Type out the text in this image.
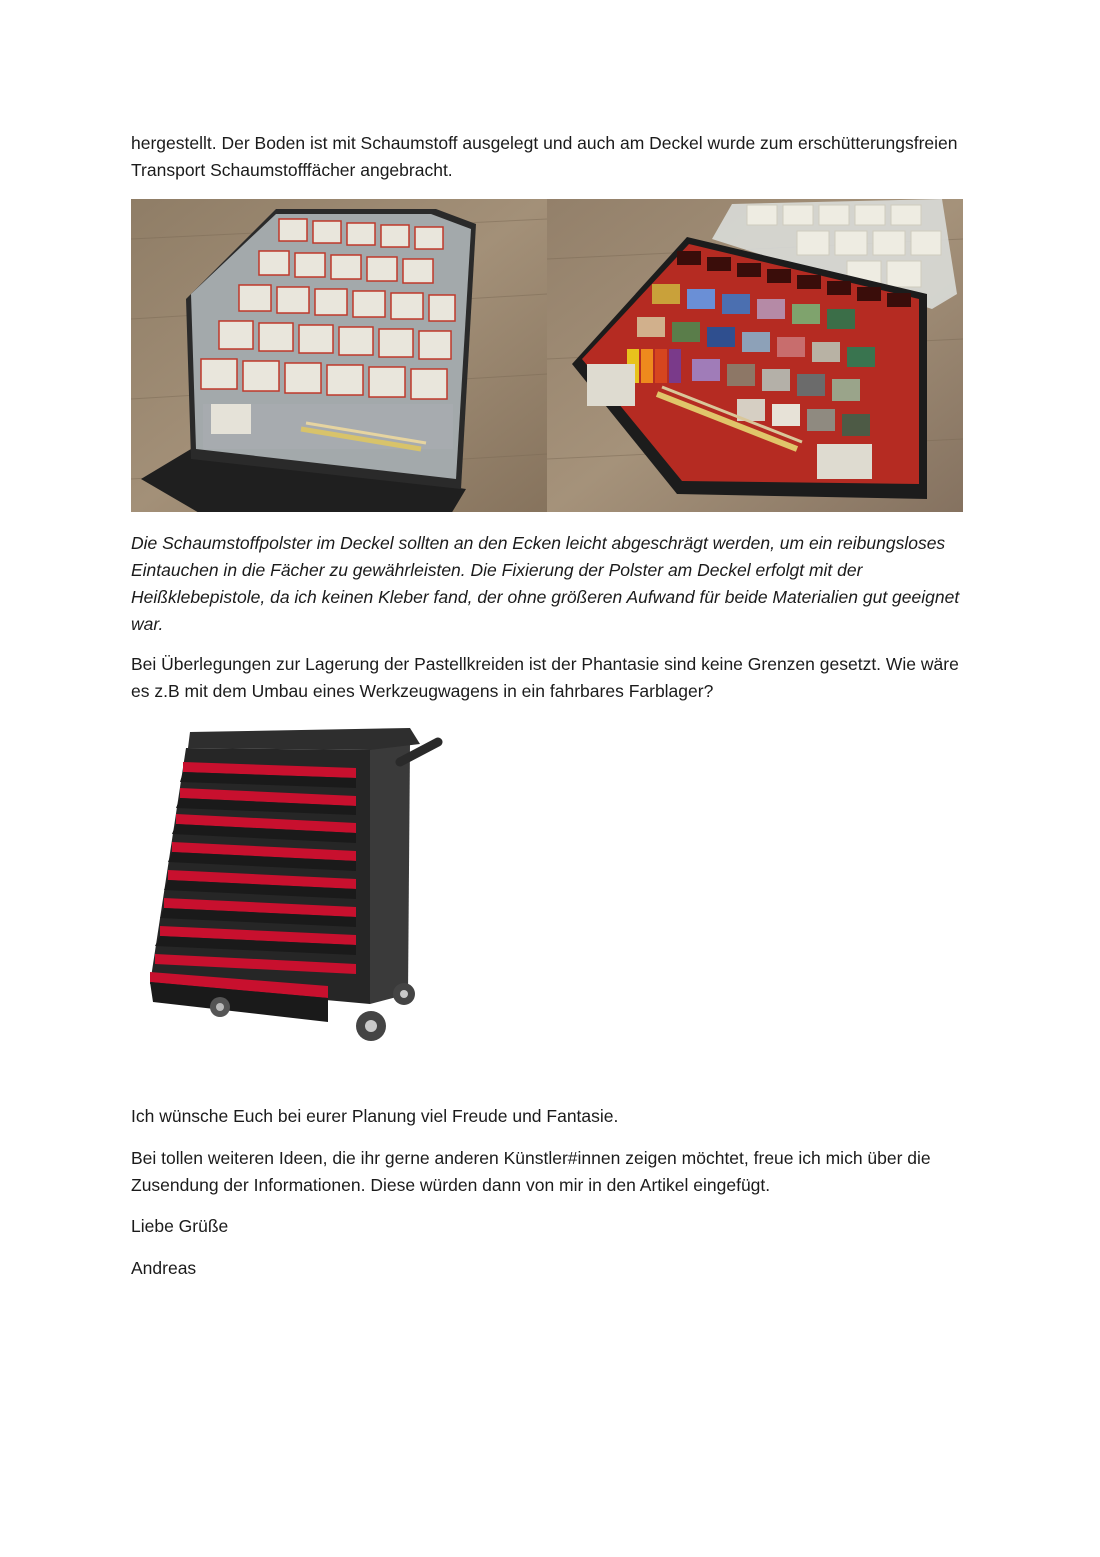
hergestellt. Der Boden ist mit Schaumstoff ausgelegt und auch am Deckel wurde zum erschütterungsfreien Transport Schaumstofffächer angebracht.

Die Schaumstoffpolster im Deckel sollten an den Ecken leicht abgeschrägt werden, um ein reibungsloses Eintauchen in die Fächer zu gewährleisten. Die Fixierung der Polster am Deckel erfolgt mit der Heißklebepistole, da ich keinen Kleber fand, der ohne größeren Aufwand für beide Materialien gut geeignet war.

Bei Überlegungen zur Lagerung der Pastellkreiden ist der Phantasie sind keine Grenzen gesetzt. Wie wäre es z.B mit dem Umbau eines Werkzeugwagens in ein fahrbares Farblager?

Ich wünsche Euch bei eurer Planung viel Freude und Fantasie.

Bei tollen weiteren Ideen, die ihr gerne anderen Künstler#innen zeigen möchtet, freue ich mich über die Zusendung der Informationen. Diese würden dann von mir in den Artikel eingefügt.

Liebe Grüße

Andreas
